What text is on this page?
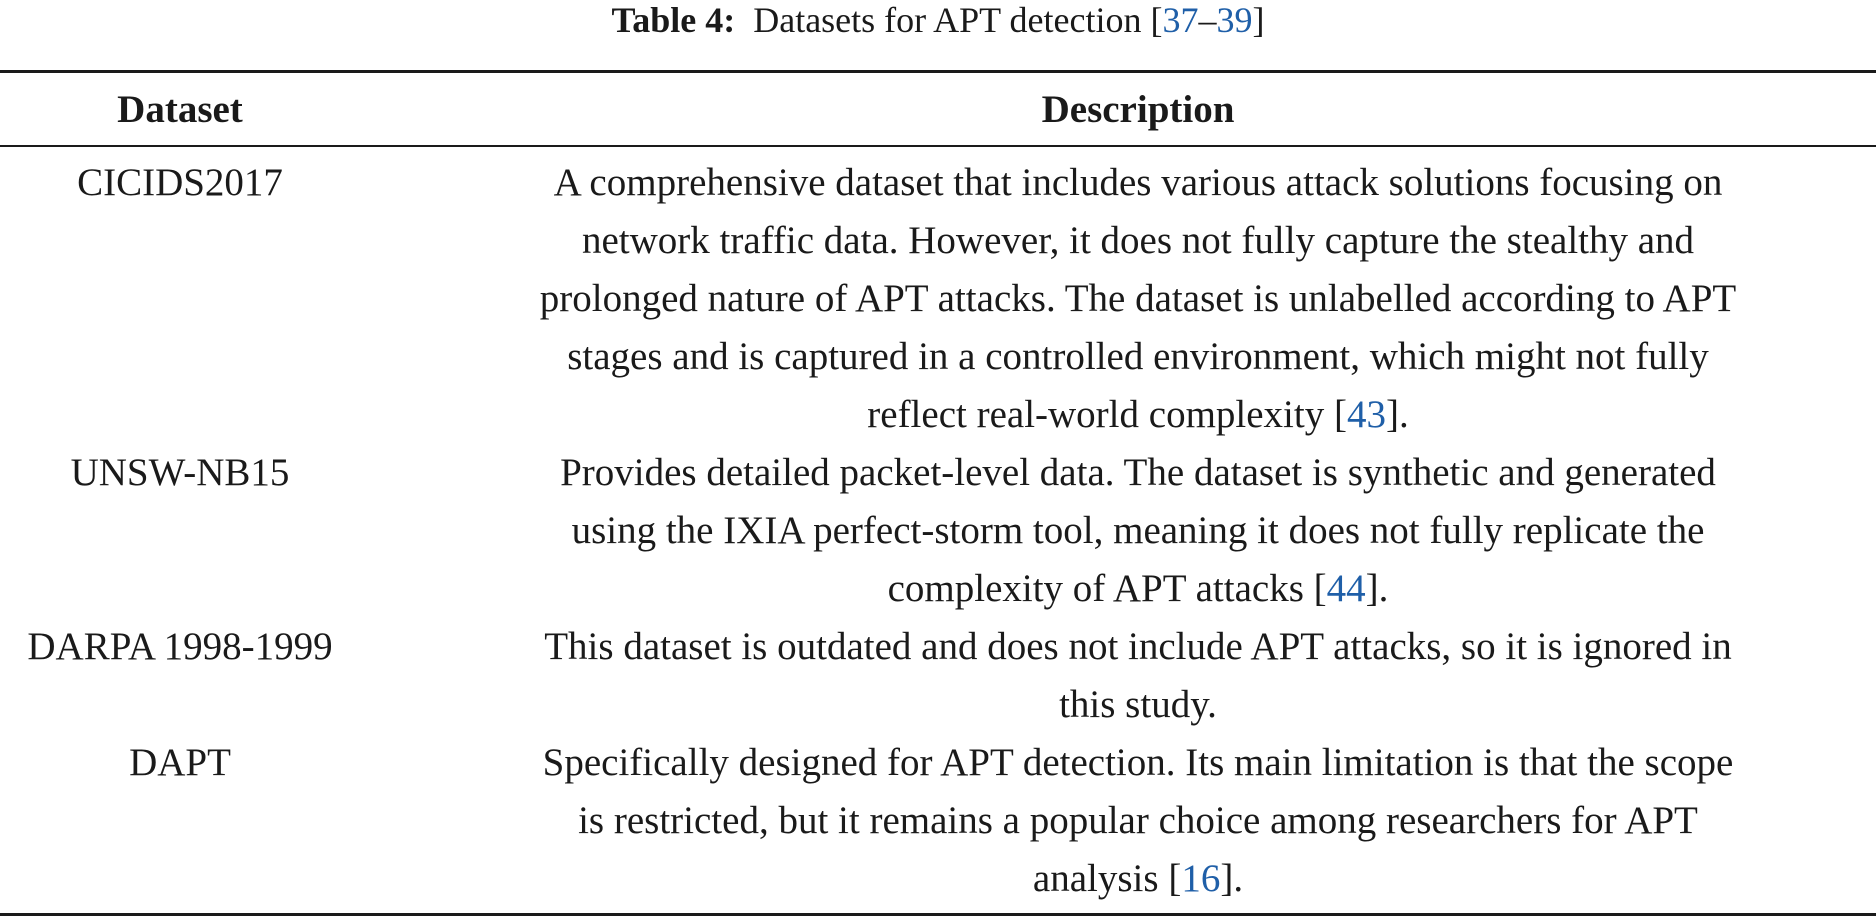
Table 4: Datasets for APT detection [37–39]
Dataset	Description
CICIDS2017	A comprehensive dataset that includes various attack solutions focusing on
network traffic data. However, it does not fully capture the stealthy and
prolonged nature of APT attacks. The dataset is unlabelled according to APT
stages and is captured in a controlled environment, which might not fully
reflect real-world complexity [43].
UNSW-NB15	Provides detailed packet-level data. The dataset is synthetic and generated
using the IXIA perfect-storm tool, meaning it does not fully replicate the
complexity of APT attacks [44].
DARPA 1998-1999	This dataset is outdated and does not include APT attacks, so it is ignored in
this study.
DAPT	Specifically designed for APT detection. Its main limitation is that the scope
is restricted, but it remains a popular choice among researchers for APT
analysis [16].
